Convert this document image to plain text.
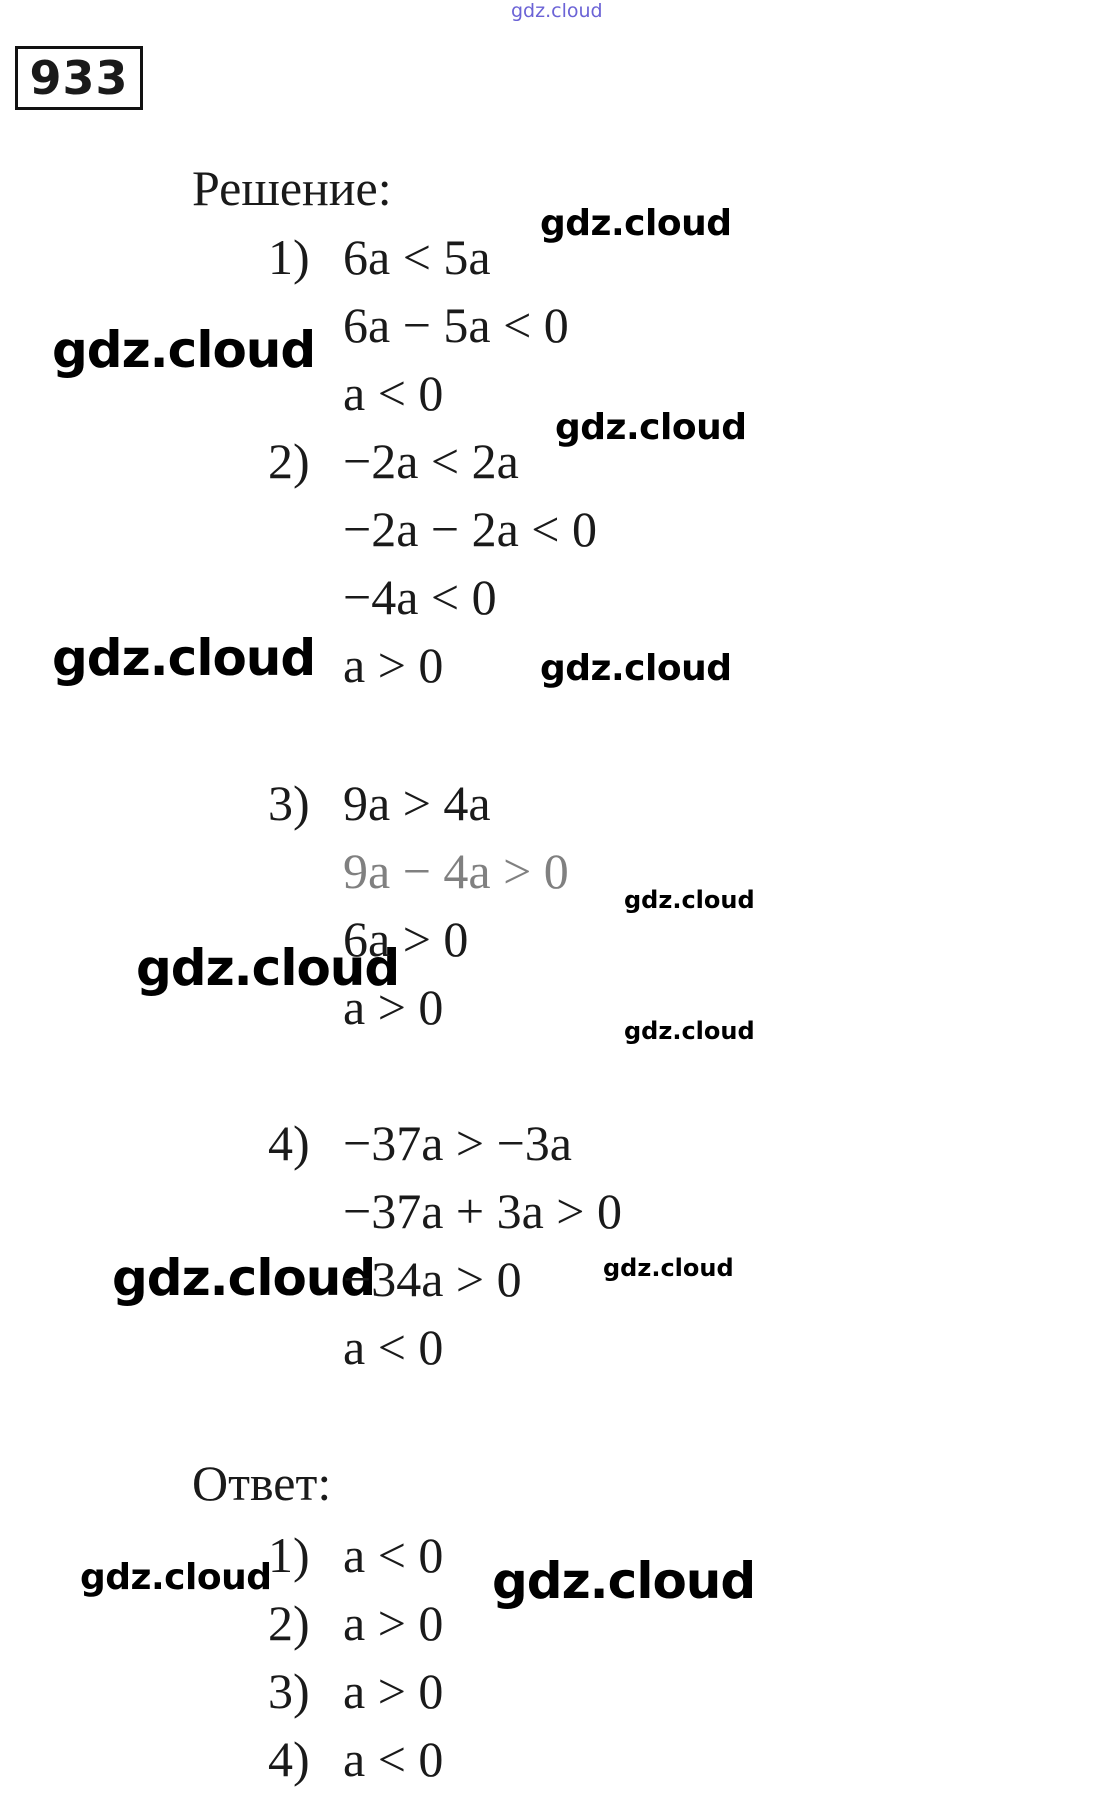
gdz.cloud
gdz.cloud
gdz.cloud
gdz.cloud
gdz.cloud	gdz.cloud
gdz.cloud
gdz.cloud
gdz.cloud
gdz.cloud	gdz.cloud
gdz.cloud	gdz.cloud
933
Решение:
1) 6a < 5a
6a − 5a < 0
a < 0
2) −2a < 2a
−2a − 2a < 0
−4a < 0
a > 0
3) 9a > 4a
9a − 4a > 0
6a > 0
a > 0
4) −37a > −3a
−37a + 3a > 0
−34a > 0
a < 0
Ответ:
1) a < 0
2) a > 0
3) a > 0
4) a < 0
